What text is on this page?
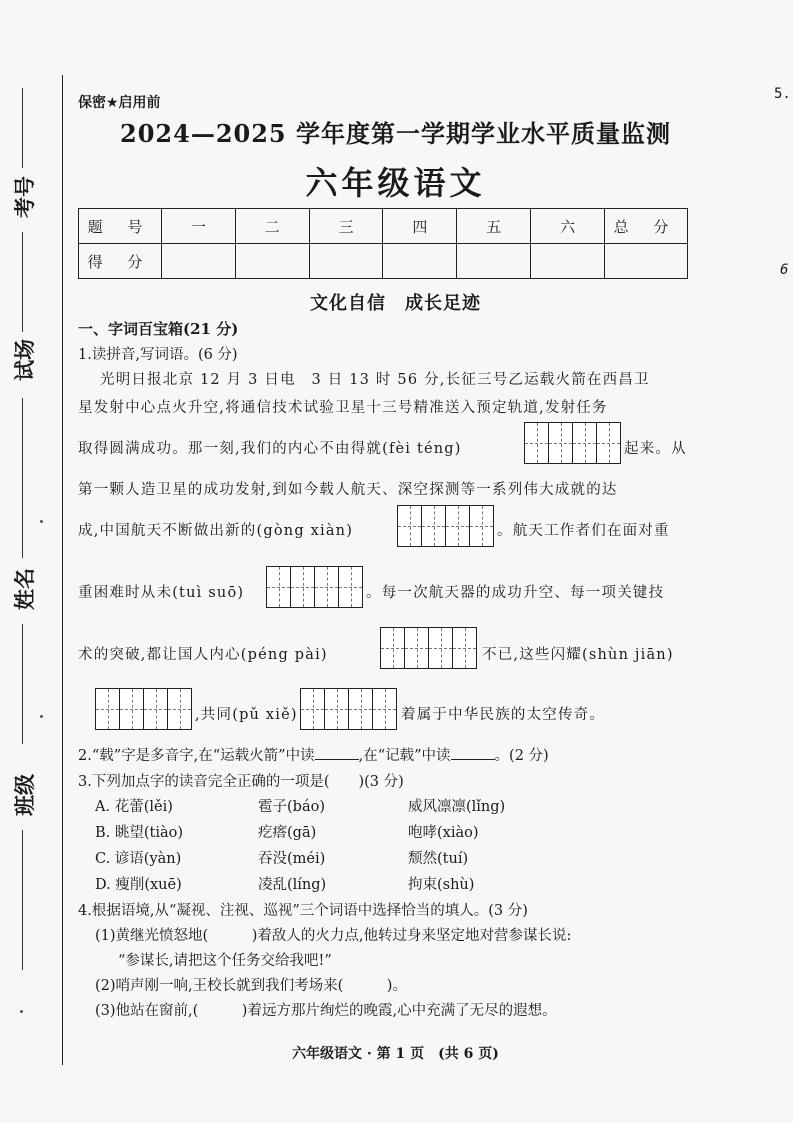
考号
试场
姓名
班级
5.
6
保密★启用前
2024—2025 学年度第一学期学业水平质量监测
六年级语文
题 号	一	二	三	四	五	六	总 分
得 分							
文化自信　成长足迹
一、字词百宝箱(21 分)
1.读拼音,写词语。(6 分)
光明日报北京 12 月 3 日电　3 日 13 时 56 分,长征三号乙运载火箭在西昌卫
星发射中心点火升空,将通信技术试验卫星十三号精准送入预定轨道,发射任务
取得圆满成功。那一刻,我们的内心不由得就(fèi téng)	起来。从
第一颗人造卫星的成功发射,到如今载人航天、深空探测等一系列伟大成就的达
成,中国航天不断做出新的(gòng xiàn)	。航天工作者们在面对重
重困难时从未(tuì suō)	。每一次航天器的成功升空、每一项关键技
术的突破,都让国人内心(péng pài)	不已,这些闪耀(shùn jiān)
,共同(pǔ xiě)	着属于中华民族的太空传奇。
2.“载”字是多音字,在“运载火箭”中读	,在“记载”中读	。(2 分)
3.下列加点字的读音完全正确的一项是(　　)(3 分)
A. 花蕾(lěi)	雹子(báo)	威风凛凛(lǐng)
B. 眺望(tiào)	疙瘩(gā)	咆哮(xiào)
C. 谚语(yàn)	吞没(méi)	颓然(tuí)
D. 瘦削(xuē)	凌乱(líng)	拘束(shù)
4.根据语境,从“凝视、注视、巡视”三个词语中选择恰当的填人。(3 分)
(1)黄继光愤怒地(　　　)着敌人的火力点,他转过身来坚定地对营参谋长说:
“参谋长,请把这个任务交给我吧!”
(2)哨声刚一响,王校长就到我们考场来(　　　)。
(3)他站在窗前,(　　　)着远方那片绚烂的晚霞,心中充满了无尽的遐想。
六年级语文 · 第 1 页　(共 6 页)
